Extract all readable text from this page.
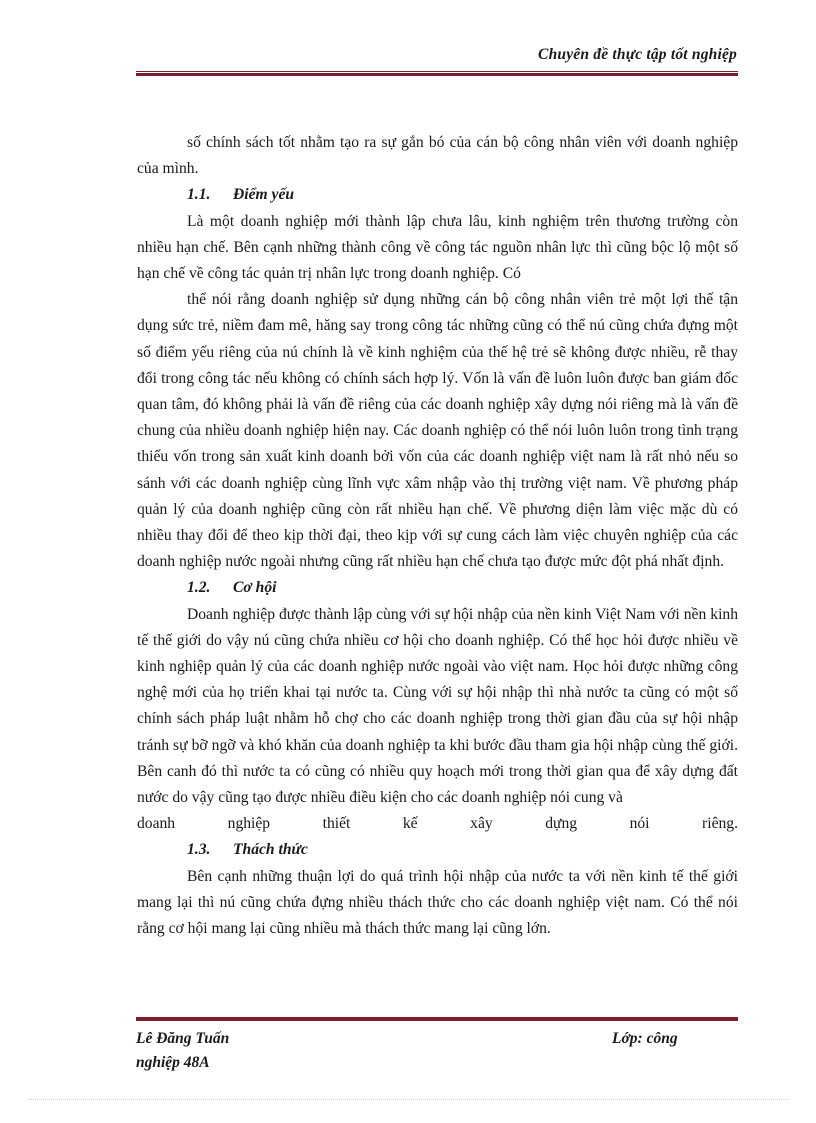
Chuyên đề thực tập tốt nghiệp

số chính sách tốt nhằm tạo ra sự gắn bó của cán bộ công nhân viên với doanh nghiệp của mình.

1.1. Điểm yếu

Là một doanh nghiệp mới thành lập chưa lâu, kinh nghiệm trên thương trường còn nhiều hạn chế. Bên cạnh những thành công về công tác nguồn nhân lực thì cũng bộc lộ một số hạn chế về công tác quản trị nhân lực trong doanh nghiệp. Có

thể nói rằng doanh nghiệp sử dụng những cán bộ công nhân viên trẻ một lợi thế tận dụng sức trẻ, niềm đam mê, hăng say trong công tác những cũng có thể nú cũng chứa đựng một số điểm yếu riêng của nú chính là về kinh nghiệm của thế hệ trẻ sẽ không được nhiều, rễ thay đổi trong công tác nếu không có chính sách hợp lý. Vốn là vấn đề luôn luôn được ban giám đốc quan tâm, đó không phải là vấn đề riêng của các doanh nghiệp xây dựng nói riêng mà là vấn đề chung của nhiều doanh nghiệp hiện nay. Các doanh nghiệp có thể nói luôn luôn trong tình trạng thiếu vốn trong sản xuất kinh doanh bởi vốn của các doanh nghiệp việt nam là rất nhỏ nếu so sánh với các doanh nghiệp cùng lĩnh vực xâm nhập vào thị trường việt nam. Về phương pháp quản lý của doanh nghiệp cũng còn rất nhiều hạn chế. Về phương diện làm việc mặc dù có nhiều thay đổi để theo kịp thời đại, theo kịp với sự cung cách làm việc chuyên nghiệp của các doanh nghiệp nước ngoài nhưng cũng rất nhiều hạn chế chưa tạo được mức đột phá nhất định.

1.2. Cơ hội

Doanh nghiệp được thành lập cùng với sự hội nhập của nền kinh Việt Nam với nền kinh tế thế giới do vậy nú cũng chứa nhiều cơ hội cho doanh nghiệp. Có thể học hỏi được nhiều về kinh nghiệp quản lý của các doanh nghiệp nước ngoài vào việt nam. Học hỏi được những công nghệ mới của họ triển khai tại nước ta. Cùng với sự hội nhập thì nhà nước ta cũng có một số chính sách pháp luật nhằm hỗ chợ cho các doanh nghiệp trong thời gian đầu của sự hội nhập tránh sự bỡ ngỡ và khó khăn của doanh nghiệp ta khi bước đầu tham gia hội nhập cùng thế giới. Bên canh đó thì nước ta có cũng có nhiều quy hoạch mới trong thời gian qua để xây dựng đất nước do vậy cũng tạo được nhiều điều kiện cho các doanh nghiệp nói cung và

doanh nghiệp thiết kế xây dựng nói riêng.

1.3. Thách thức

Bên cạnh những thuận lợi do quá trình hội nhập của nước ta với nền kinh tế thế giới mang lại thì nú cũng chứa đựng nhiều thách thức cho các doanh nghiệp việt nam. Có thể nói rằng cơ hội mang lại cũng nhiều mà thách thức mang lại cũng lớn.

Lê Đăng Tuấn	Lớp: công
nghiệp 48A
